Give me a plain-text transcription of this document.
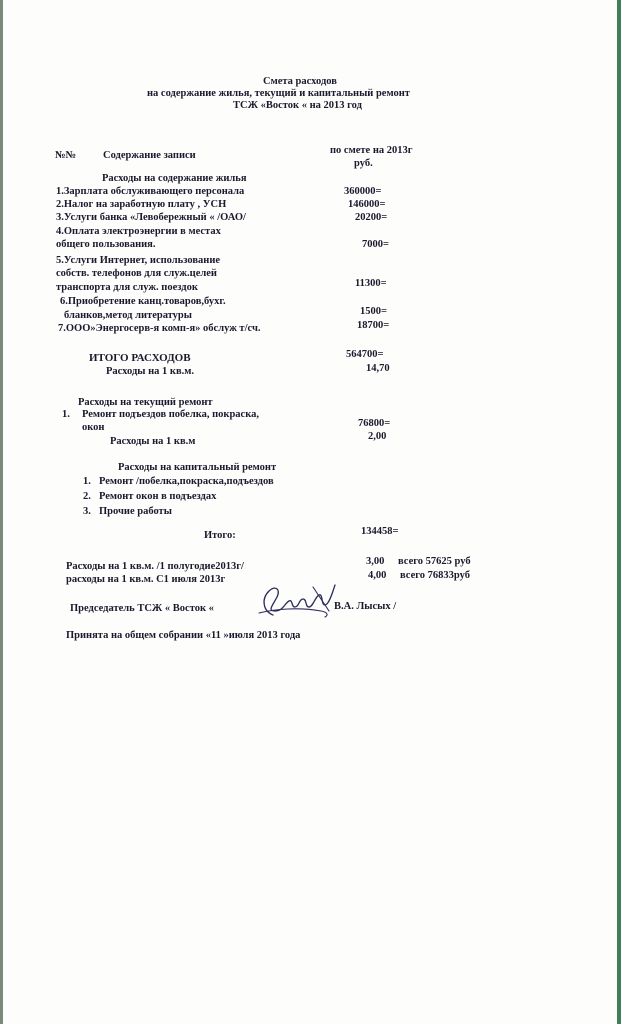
Смета расходов
на содержание жилья, текущий и капитальный ремонт
ТСЖ «Восток « на 2013 год
№№	Содержание записи	по смете на 2013г
руб.
Расходы на содержание жилья
1.Зарплата обслуживающего персонала	360000=
2.Налог на заработную плату , УСН	146000=
3.Услуги банка «Левобережный « /ОАО/	20200=
4.Оплата электроэнергии в местах
общего пользования.	7000=
5.Услуги Интернет, использование
собств. телефонов для служ.целей
транспорта для служ. поездок	11300=
6.Приобретение канц.товаров,бухг.
бланков,метод литературы	1500=
7.ООО»Энергосерв-я комп-я» обслуж т/сч.	18700=
ИТОГО РАСХОДОВ	564700=
Расходы на 1 кв.м.	14,70
Расходы на текущий ремонт
1. Ремонт подъездов побелка, покраска,
окон	76800=
Расходы на 1 кв.м	2,00
Расходы на капитальный ремонт
1. Ремонт /побелка,покраска,подъездов
2. Ремонт окон в подъездах
3. Прочие работы
Итого:	134458=
Расходы на 1 кв.м. /1 полугодие2013г/	3,00 всего 57625 руб
расходы на 1 кв.м. С1 июля 2013г	4,00 всего 76833руб
Председатель ТСЖ « Восток «	В.А. Лысых /
Принята на общем собрании «11 »июля 2013 года
